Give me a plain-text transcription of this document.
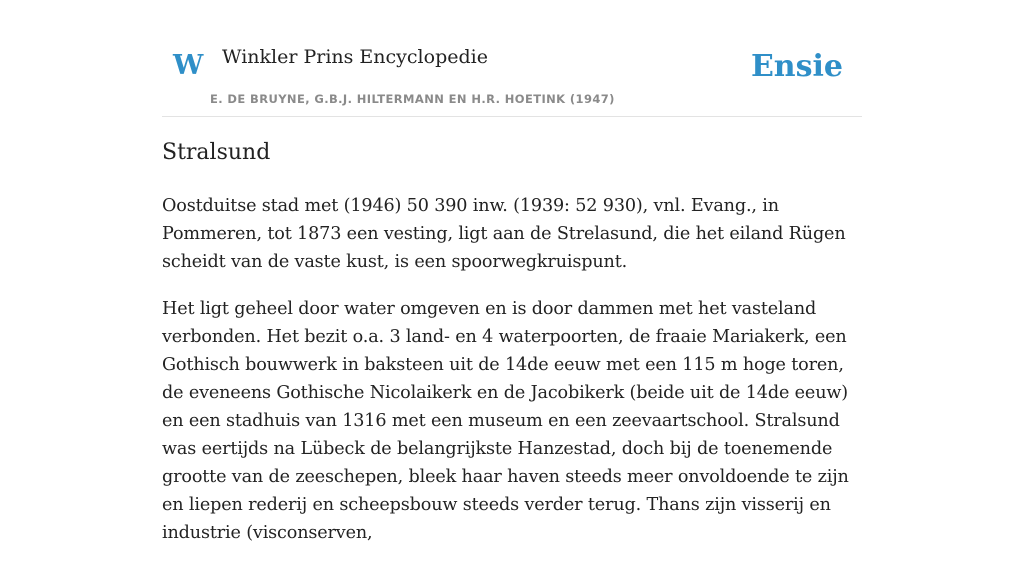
W Winkler Prins Encyclopedie
E. DE BRUYNE, G.B.J. HILTERMANN EN H.R. HOETINK (1947)
Ensie
Stralsund

Oostduitse stad met (1946) 50 390 inw. (1939: 52 930), vnl. Evang., in Pommeren, tot 1873 een vesting, ligt aan de Strelasund, die het eiland Rügen scheidt van de vaste kust, is een spoorwegkruispunt.

Het ligt geheel door water omgeven en is door dammen met het vasteland verbonden. Het bezit o.a. 3 land- en 4 waterpoorten, de fraaie Mariakerk, een Gothisch bouwwerk in baksteen uit de 14de eeuw met een 115 m hoge toren, de eveneens Gothische Nicolaikerk en de Jacobikerk (beide uit de 14de eeuw) en een stadhuis van 1316 met een museum en een zeevaartschool. Stralsund was eertijds na Lübeck de belangrijkste Hanzestad, doch bij de toenemende grootte van de zeeschepen, bleek haar haven steeds meer onvoldoende te zijn en liepen rederij en scheepsbouw steeds verder terug. Thans zijn visserij en industrie (visconserven,
